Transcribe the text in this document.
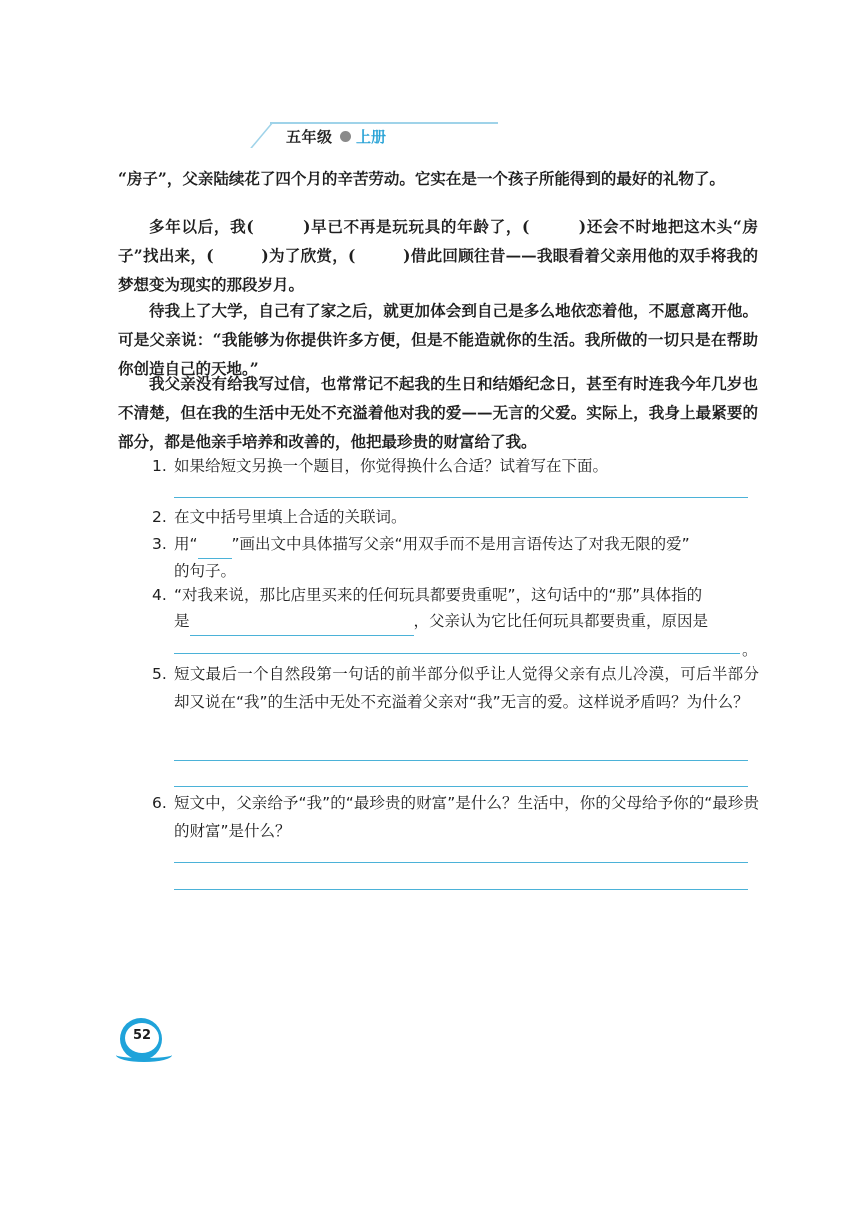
五年级 上册
“房子”，父亲陆续花了四个月的辛苦劳动。它实在是一个孩子所能得到的最好的礼物了。
多年以后，我(　　　)早已不再是玩玩具的年龄了，(　　　)还会不时地把这木头“房子”找出来，(　　　)为了欣赏，(　　　)借此回顾往昔——我眼看着父亲用他的双手将我的梦想变为现实的那段岁月。
待我上了大学，自己有了家之后，就更加体会到自己是多么地依恋着他，不愿意离开他。可是父亲说：“我能够为你提供许多方便，但是不能造就你的生活。我所做的一切只是在帮助你创造自己的天地。”
我父亲没有给我写过信，也常常记不起我的生日和结婚纪念日，甚至有时连我今年几岁也不清楚，但在我的生活中无处不充溢着他对我的爱——无言的父爱。实际上，我身上最紧要的部分，都是他亲手培养和改善的，他把最珍贵的财富给了我。
1. 如果给短文另换一个题目，你觉得换什么合适？试着写在下面。
2. 在文中括号里填上合适的关联词。
3. 用“ ”画出文中具体描写父亲“用双手而不是用言语传达了对我无限的爱”
的句子。
4. “对我来说，那比店里买来的任何玩具都要贵重呢”，这句话中的“那”具体指的
是	，父亲认为它比任何玩具都要贵重，原因是
。
5. 短文最后一个自然段第一句话的前半部分似乎让人觉得父亲有点儿冷漠，可后半部分却又说在“我”的生活中无处不充溢着父亲对“我”无言的爱。这样说矛盾吗？为什么？
6. 短文中，父亲给予“我”的“最珍贵的财富”是什么？生活中，你的父母给予你的“最珍贵的财富”是什么？
52
